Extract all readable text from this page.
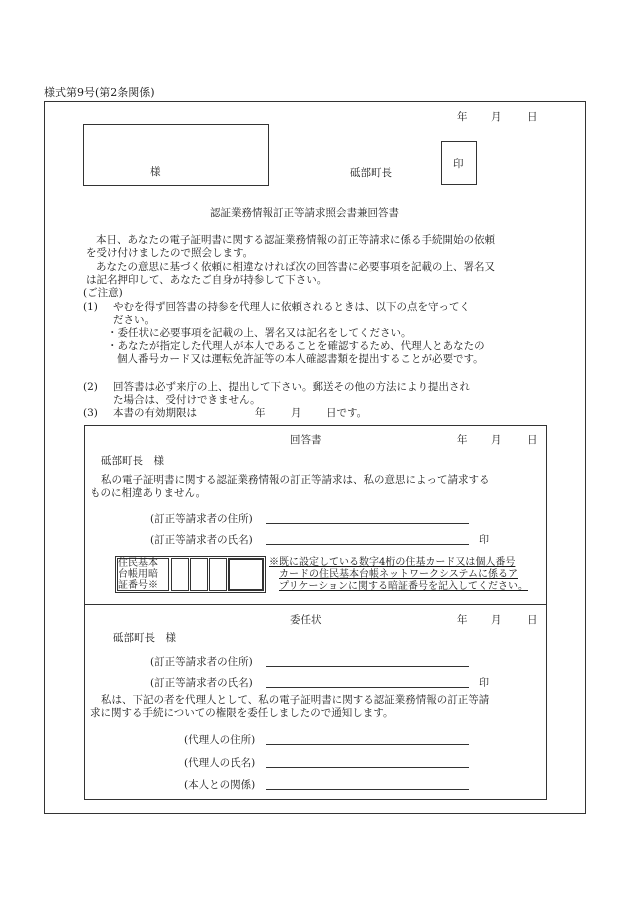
様式第9号(第2条関係)
年 月 日
様	砥部町長
印
認証業務情報訂正等請求照会書兼回答書
本日、あなたの電子証明書に関する認証業務情報の訂正等請求に係る手続開始の依頼
を受け付けましたので照会します。
あなたの意思に基づく依頼に相違なければ次の回答書に必要事項を記載の上、署名又
は記名押印して、あなたご自身が持参して下さい。
(ご注意)
(1) やむを得ず回答書の持参を代理人に依頼されるときは、以下の点を守ってく
ださい。
・委任状に必要事項を記載の上、署名又は記名をしてください。
・あなたが指定した代理人が本人であることを確認するため、代理人とあなたの
個人番号カード又は運転免許証等の本人確認書類を提出することが必要です。
(2) 回答書は必ず来庁の上、提出して下さい。郵送その他の方法により提出され
た場合は、受付けできません。
(3) 本書の有効期限は	年 月 日です。
回答書	年 月 日
砥部町長　様
私の電子証明書に関する認証業務情報の訂正等請求は、私の意思によって請求する
ものに相違ありません。
(訂正等請求者の住所)
(訂正等請求者の氏名)	印
住民基本
台帳用暗
証番号※
※既に設定している数字4桁の住基カード又は個人番号
カードの住民基本台帳ネットワークシステムに係るア
プリケーションに関する暗証番号を記入してください。
委任状	年 月 日
砥部町長　様
(訂正等請求者の住所)
(訂正等請求者の氏名)	印
私は、下記の者を代理人として、私の電子証明書に関する認証業務情報の訂正等請
求に関する手続についての権限を委任しましたので通知します。
(代理人の住所)
(代理人の氏名)
(本人との関係)
